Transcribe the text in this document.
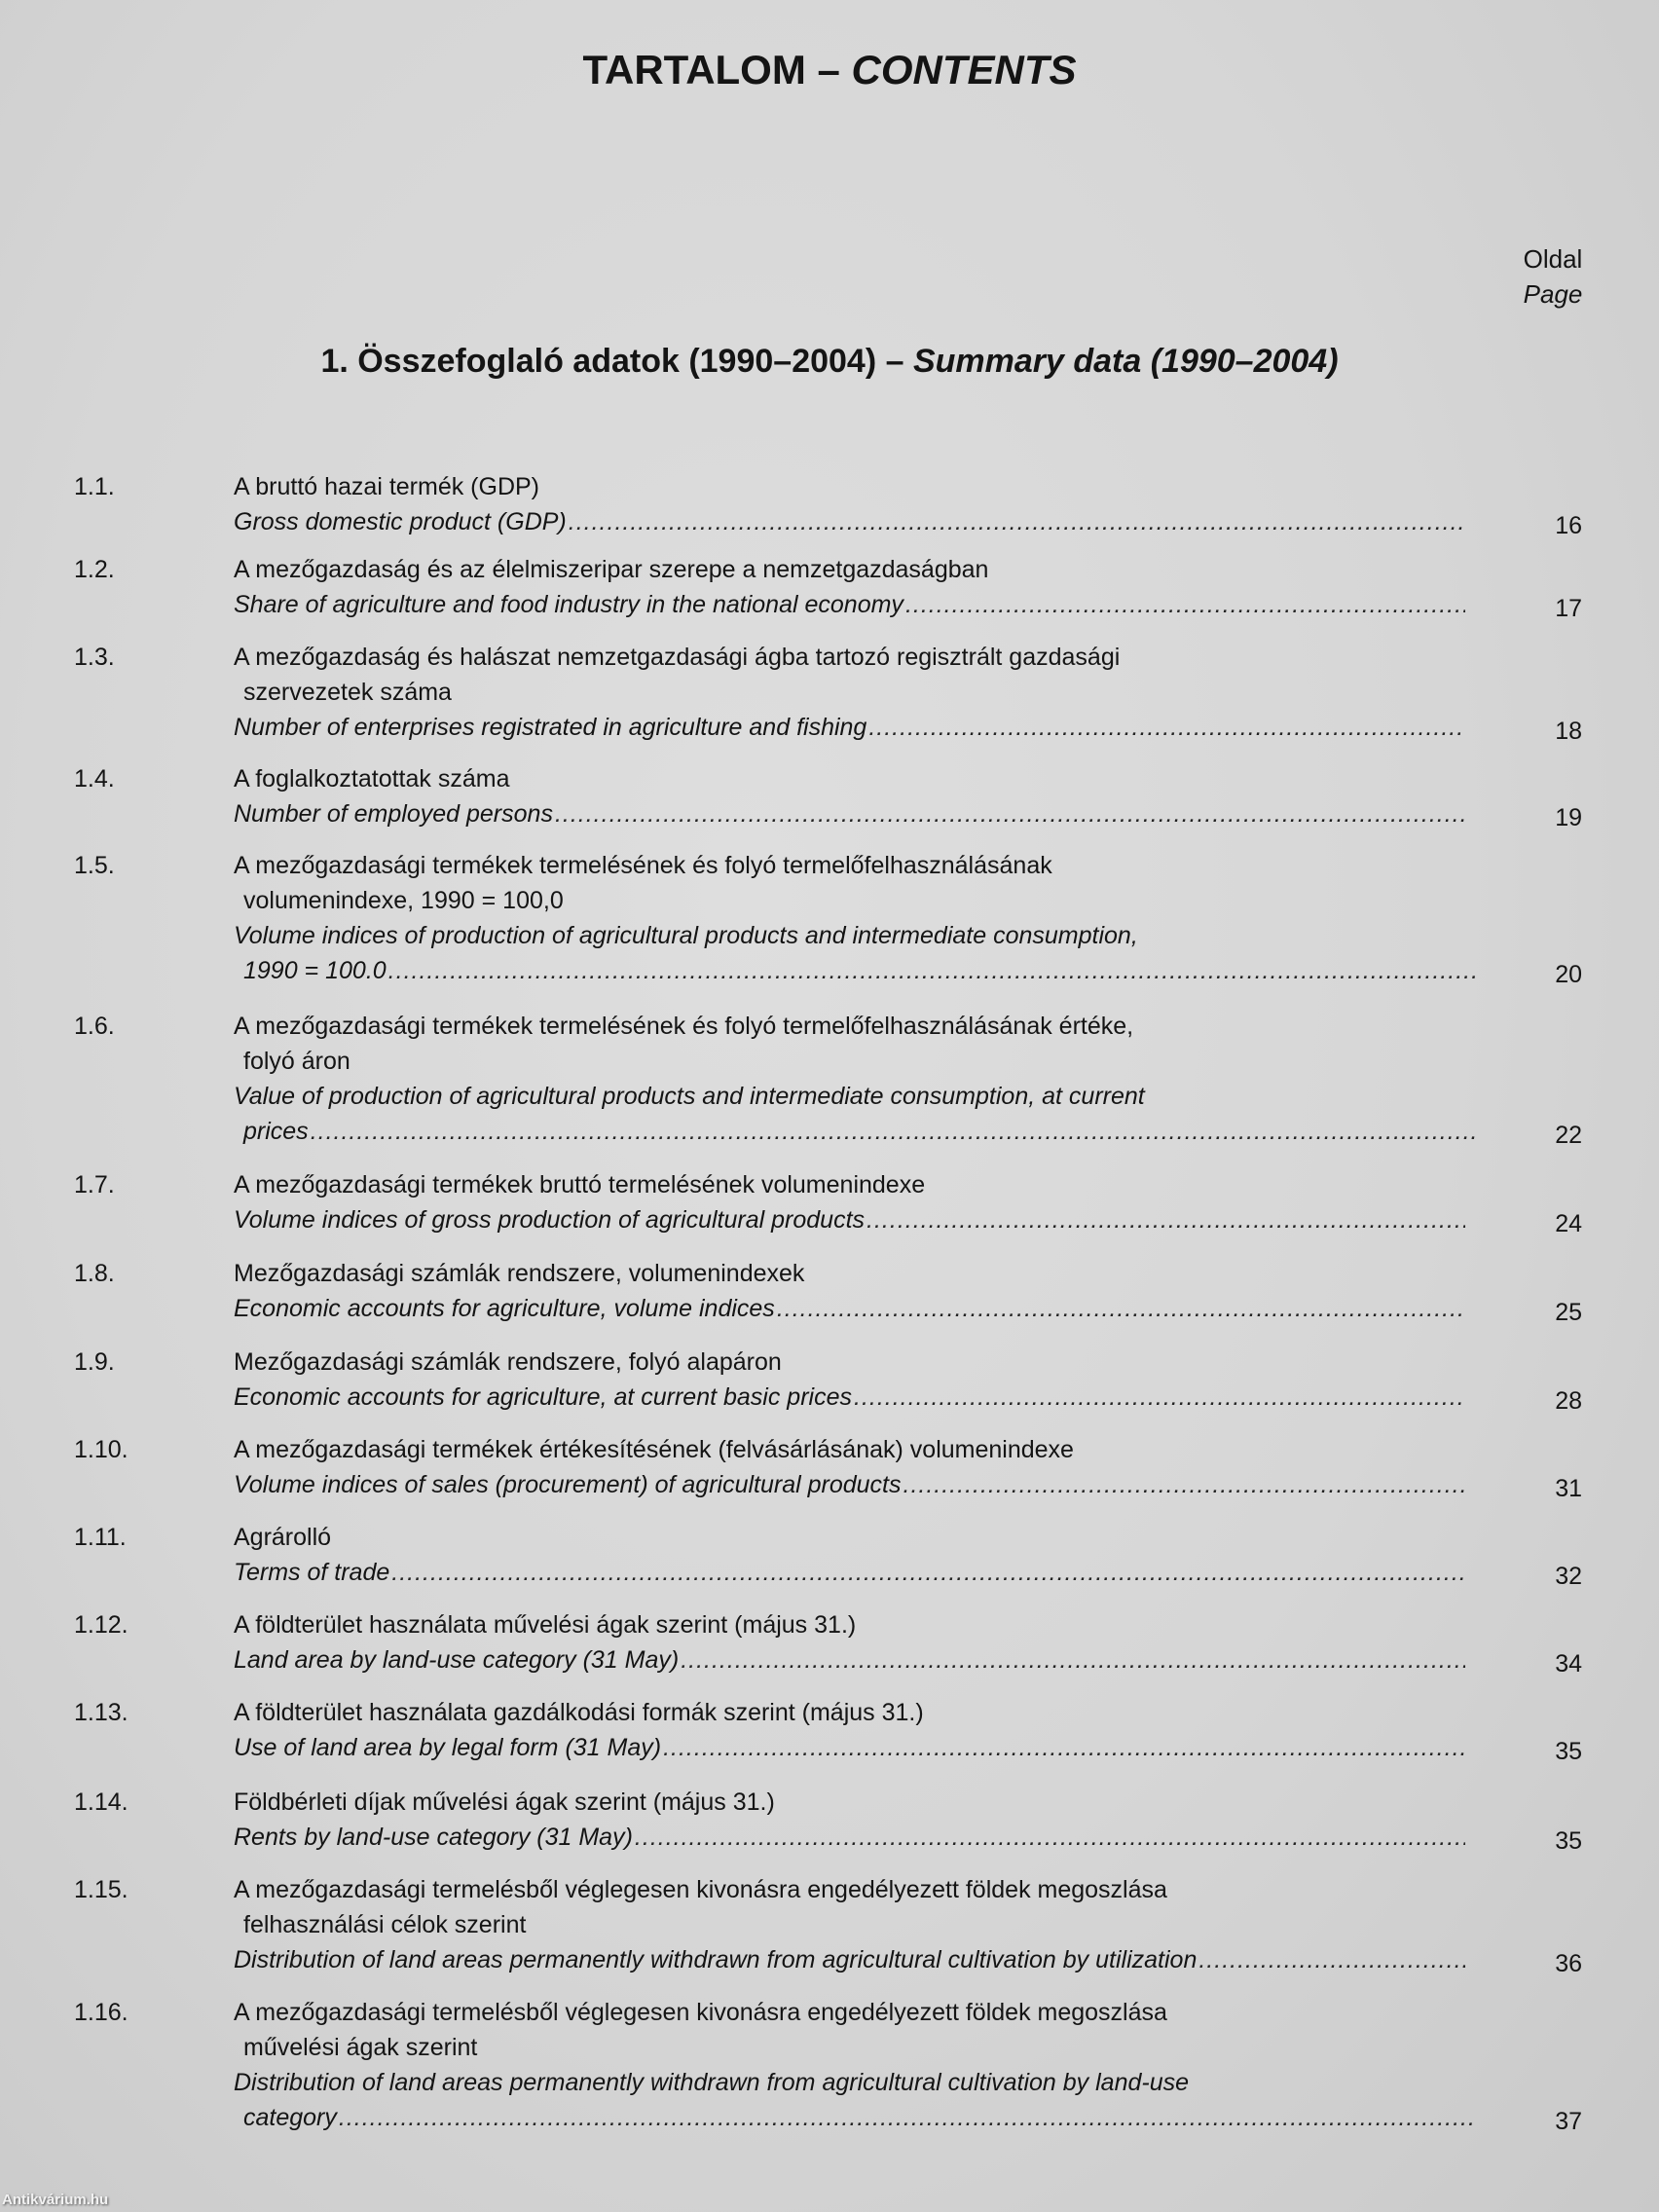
TARTALOM – CONTENTS
Oldal
Page
1. Összefoglaló adatok (1990–2004) – Summary data (1990–2004)
1.1.	A bruttó hazai termék (GDP)
Gross domestic product (GDP) .....	16
1.2.	A mezőgazdaság és az élelmiszeripar szerepe a nemzetgazdaságban
Share of agriculture and food industry in the national economy .....	17
1.3.	A mezőgazdaság és halászat nemzetgazdasági ágba tartozó regisztrált gazdasági
szervezetek száma
Number of enterprises registrated in agriculture and fishing .....	18
1.4.	A foglalkoztatottak száma
Number of employed persons .....	19
1.5.	A mezőgazdasági termékek termelésének és folyó termelőfelhasználásának
volumenindexe, 1990 = 100,0
Volume indices of production of agricultural products and intermediate consumption,
1990 = 100.0 .....	20
1.6.	A mezőgazdasági termékek termelésének és folyó termelőfelhasználásának értéke,
folyó áron
Value of production of agricultural products and intermediate consumption, at current
prices .....	22
1.7.	A mezőgazdasági termékek bruttó termelésének volumenindexe
Volume indices of gross production of agricultural products .....	24
1.8.	Mezőgazdasági számlák rendszere, volumenindexek
Economic accounts for agriculture, volume indices .....	25
1.9.	Mezőgazdasági számlák rendszere, folyó alapáron
Economic accounts for agriculture, at current basic prices .....	28
1.10.	A mezőgazdasági termékek értékesítésének (felvásárlásának) volumenindexe
Volume indices of sales (procurement) of agricultural products .....	31
1.11.	Agrárolló
Terms of trade .....	32
1.12.	A földterület használata művelési ágak szerint (május 31.)
Land area by land-use category (31 May) .....	34
1.13.	A földterület használata gazdálkodási formák szerint (május 31.)
Use of land area by legal form (31 May) .....	35
1.14.	Földbérleti díjak művelési ágak szerint (május 31.)
Rents by land-use category (31 May) .....	35
1.15.	A mezőgazdasági termelésből véglegesen kivonásra engedélyezett földek megoszlása
felhasználási célok szerint
Distribution of land areas permanently withdrawn from agricultural cultivation by utilization .....	36
1.16.	A mezőgazdasági termelésből véglegesen kivonásra engedélyezett földek megoszlása
művelési ágak szerint
Distribution of land areas permanently withdrawn from agricultural cultivation by land-use
category .....	37
Antikvárium.hu
